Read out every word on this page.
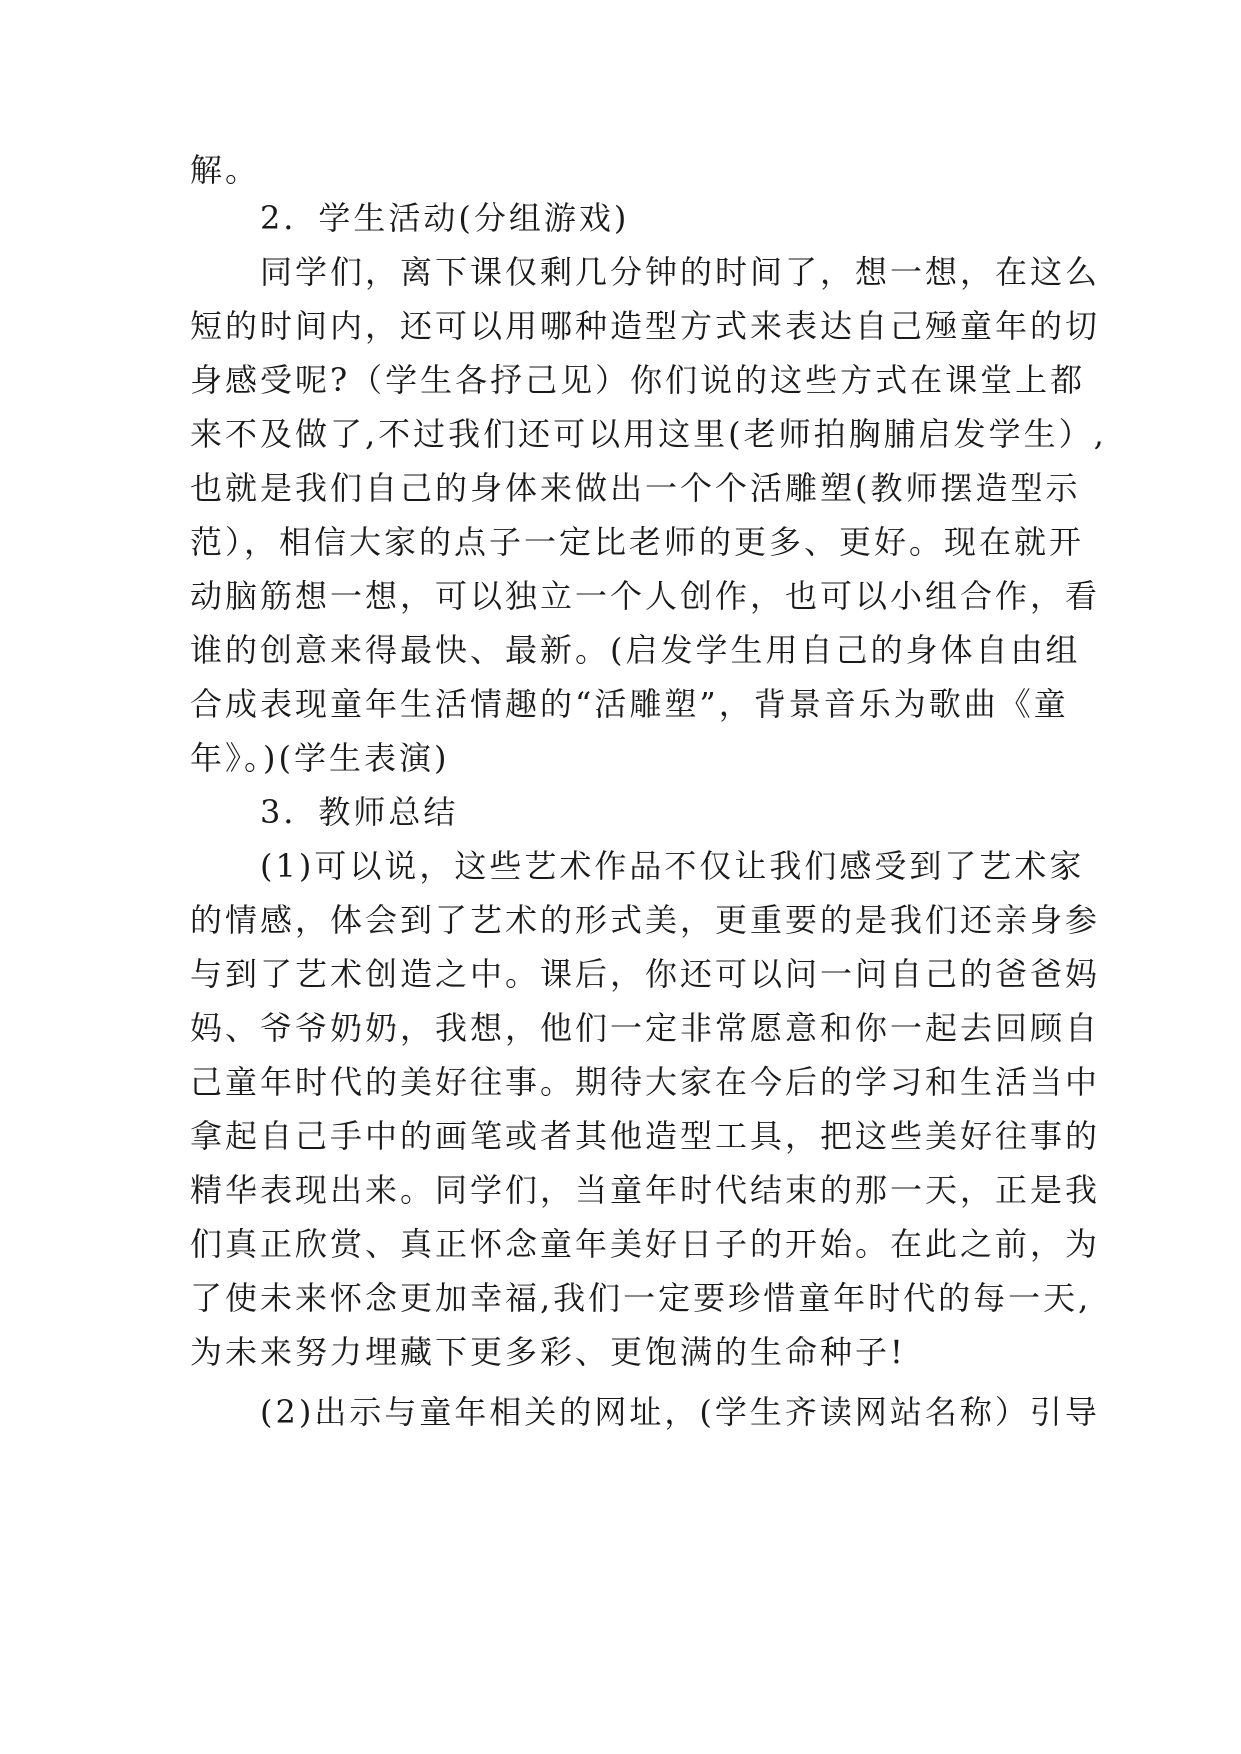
解。
　　2．学生活动(分组游戏)
　　同学们，离下课仅剩几分钟的时间了，想一想，在这么
短的时间内，还可以用哪种造型方式来表达自己殛童年的切
身感受呢?（学生各抒己见）你们说的这些方式在课堂上都
来不及做了,不过我们还可以用这里(老师拍胸脯启发学生）,
也就是我们自己的身体来做出一个个活雕塑(教师摆造型示
范），相信大家的点子一定比老师的更多、更好。现在就开
动脑筋想一想，可以独立一个人创作，也可以小组合作，看
谁的创意来得最快、最新。(启发学生用自己的身体自由组
合成表现童年生活情趣的“活雕塑”，背景音乐为歌曲《童
年》。)(学生表演)
　　3．教师总结
　　(1)可以说，这些艺术作品不仅让我们感受到了艺术家
的情感，体会到了艺术的形式美，更重要的是我们还亲身参
与到了艺术创造之中。课后，你还可以问一问自己的爸爸妈
妈、爷爷奶奶，我想，他们一定非常愿意和你一起去回顾自
己童年时代的美好往事。期待大家在今后的学习和生活当中
拿起自己手中的画笔或者其他造型工具，把这些美好往事的
精华表现出来。同学们，当童年时代结束的那一天，正是我
们真正欣赏、真正怀念童年美好日子的开始。在此之前，为
了使未来怀念更加幸福,我们一定要珍惜童年时代的每一天,
为未来努力埋藏下更多彩、更饱满的生命种子!
　　(2)出示与童年相关的网址，(学生齐读网站名称）引导
